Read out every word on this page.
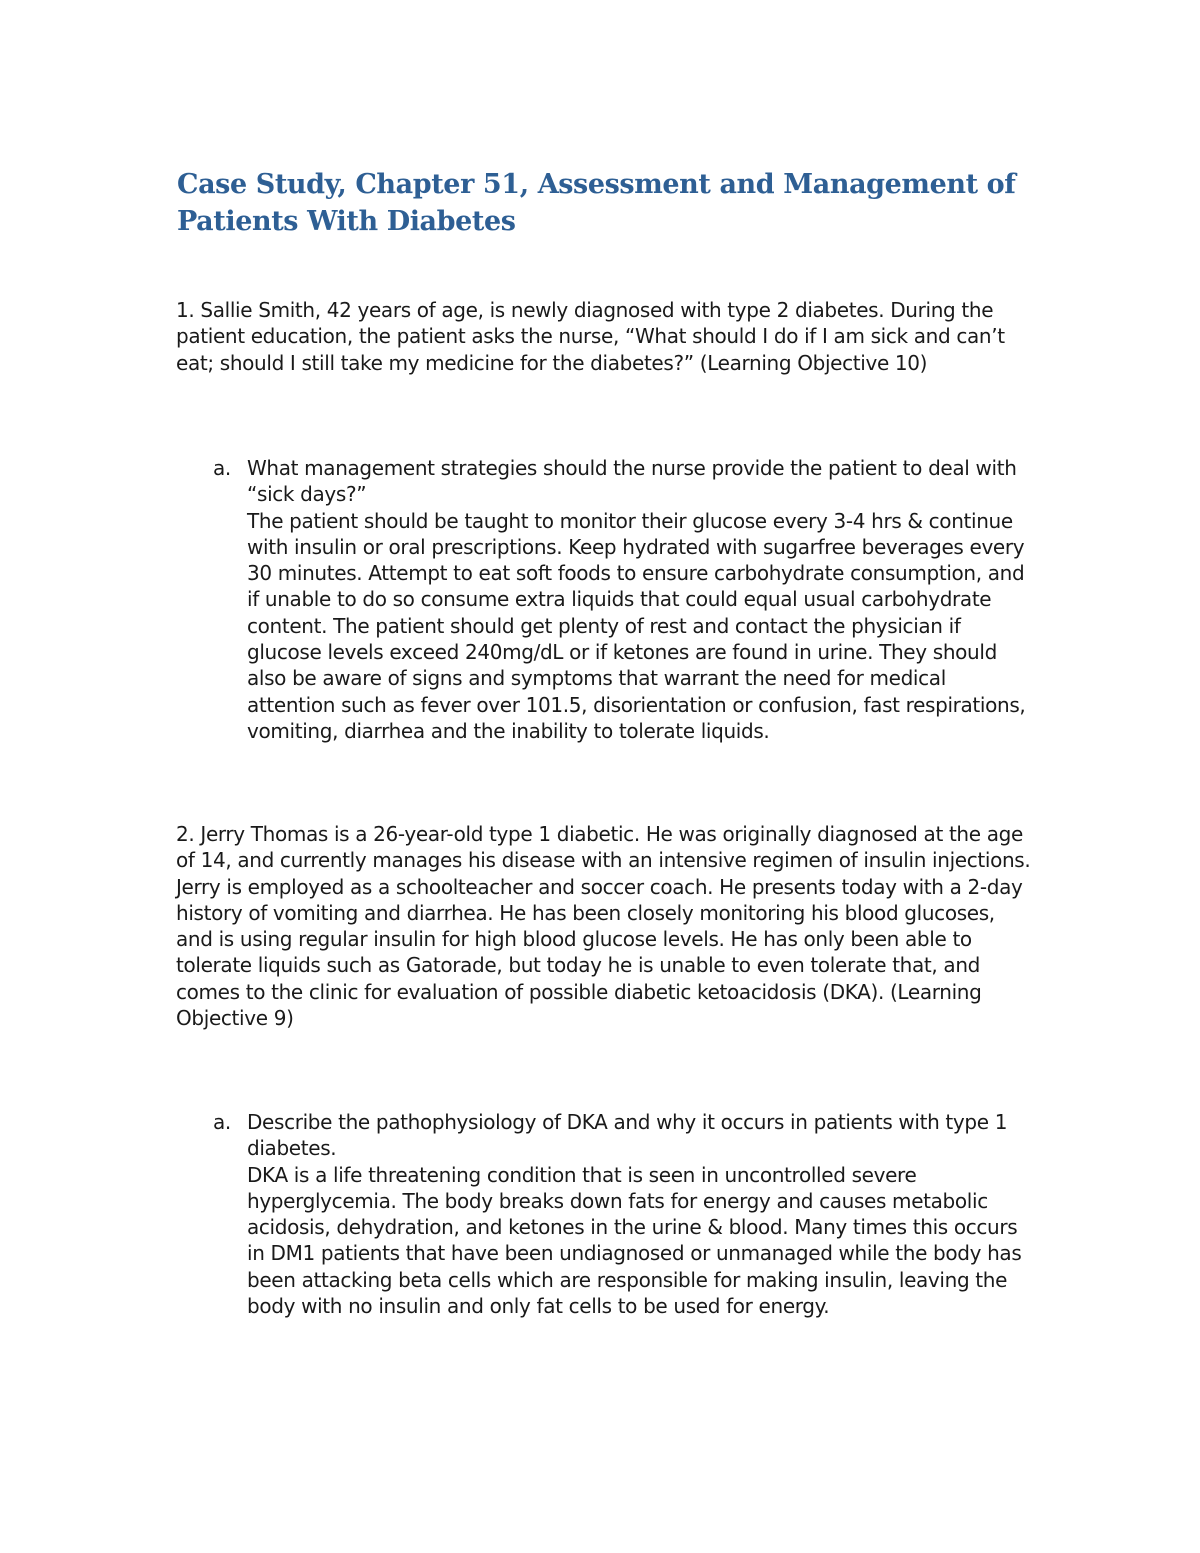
Case Study, Chapter 51, Assessment and Management of Patients With Diabetes

1. Sallie Smith, 42 years of age, is newly diagnosed with type 2 diabetes. During the patient education, the patient asks the nurse, “What should I do if I am sick and can’t eat; should I still take my medicine for the diabetes?” (Learning Objective 10)

a. What management strategies should the nurse provide the patient to deal with “sick days?”

The patient should be taught to monitor their glucose every 3-4 hrs & continue with insulin or oral prescriptions. Keep hydrated with sugarfree beverages every 30 minutes. Attempt to eat soft foods to ensure carbohydrate consumption, and if unable to do so consume extra liquids that could equal usual carbohydrate content. The patient should get plenty of rest and contact the physician if glucose levels exceed 240mg/dL or if ketones are found in urine. They should also be aware of signs and symptoms that warrant the need for medical attention such as fever over 101.5, disorientation or confusion, fast respirations, vomiting, diarrhea and the inability to tolerate liquids.

2. Jerry Thomas is a 26-year-old type 1 diabetic. He was originally diagnosed at the age of 14, and currently manages his disease with an intensive regimen of insulin injections. Jerry is employed as a schoolteacher and soccer coach. He presents today with a 2-day history of vomiting and diarrhea. He has been closely monitoring his blood glucoses, and is using regular insulin for high blood glucose levels. He has only been able to tolerate liquids such as Gatorade, but today he is unable to even tolerate that, and comes to the clinic for evaluation of possible diabetic ketoacidosis (DKA). (Learning Objective 9)

a. Describe the pathophysiology of DKA and why it occurs in patients with type 1 diabetes.

DKA is a life threatening condition that is seen in uncontrolled severe hyperglycemia. The body breaks down fats for energy and causes metabolic acidosis, dehydration, and ketones in the urine & blood. Many times this occurs in DM1 patients that have been undiagnosed or unmanaged while the body has been attacking beta cells which are responsible for making insulin, leaving the body with no insulin and only fat cells to be used for energy.
